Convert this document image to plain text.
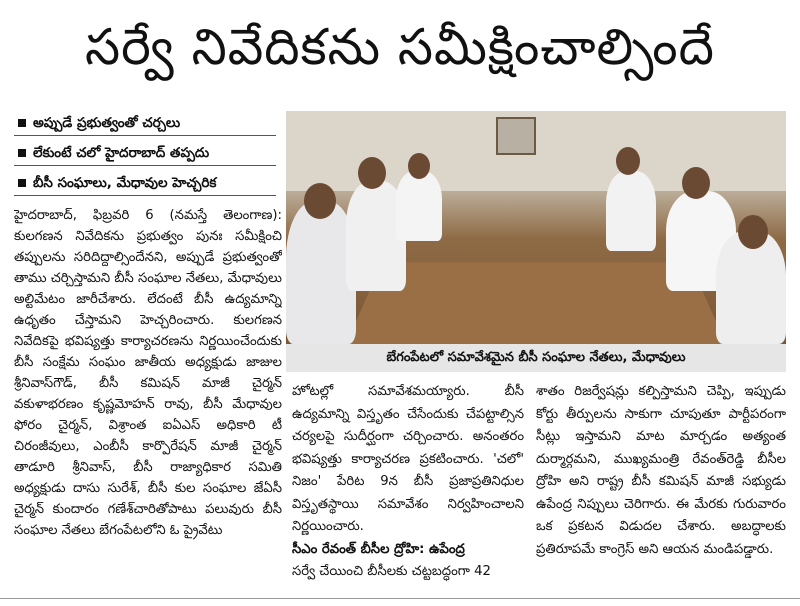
సర్వే నివేదికను సమీక్షించాల్సిందే
అప్పుడే ప్రభుత్వంతో చర్చలు
లేకుంటే చలో హైదరాబాద్ తప్పదు
బీసీ సంఘాలు, మేధావుల హెచ్చరిక
హైదరాబాద్, ఫిబ్రవరి 6 (నమస్తే తెలంగాణ): కులగణన నివేదికను ప్రభుత్వం పునః సమీక్షించి తప్పులను సరిదిద్దాల్సిందేనని, అప్పుడే ప్రభుత్వంతో తాము చర్చిస్తామని బీసీ సంఘాల నేతలు, మేధావులు అల్టిమేటం జారీచేశారు. లేదంటే బీసీ ఉద్యమాన్ని ఉధృతం చేస్తామని హెచ్చరించారు. కులగణన నివేదికపై భవిష్యత్తు కార్యాచరణను నిర్ణయించేందుకు బీసీ సంక్షేమ సంఘం జాతీయ అధ్యక్షుడు జాజుల శ్రీనివాస్‌గౌడ్, బీసీ కమిషన్ మాజీ చైర్మన్ వకుళాభరణం కృష్ణమోహన్ రావు, బీసీ మేధావుల ఫోరం చైర్మన్, విశ్రాంత ఐఏఎస్ అధికారి టీ చిరంజీవులు, ఎంబీసీ కార్పొరేషన్ మాజీ చైర్మన్ తాడూరి శ్రీనివాస్, బీసీ రాజ్యాధికార సమితి అధ్యక్షుడు దాసు సురేశ్, బీసీ కుల సంఘాల జేఏసీ చైర్మన్ కుందారం గణేశ్‌చారితోపాటు పలువురు బీసీ సంఘాల నేతలు బేగంపేటలోని ఓ ప్రైవేటు
బేగంపేటలో సమావేశమైన బీసీ సంఘాల నేతలు, మేధావులు
హోటల్లో సమావేశమయ్యారు. బీసీ ఉద్యమాన్ని విస్తృతం చేసేందుకు చేపట్టాల్సిన చర్యలపై సుదీర్ఘంగా చర్చించారు. అనంతరం భవిష్యత్తు కార్యాచరణ ప్రకటించారు. 'చలో' నిజం' పేరిట 9న బీసీ ప్రజాప్రతినిధుల విస్తృతస్థాయి సమావేశం నిర్వహించాలని నిర్ణయించారు.
సీఎం రేవంత్ బీసీల ద్రోహి: ఉపేంద్ర
సర్వే చేయించి బీసీలకు చట్టబద్ధంగా 42
శాతం రిజర్వేషన్లు కల్పిస్తామని చెప్పి, ఇప్పుడు కోర్టు తీర్పులను సాకుగా చూపుతూ పార్టీపరంగా సీట్లు ఇస్తామని మాట మార్చడం అత్యంత దుర్మార్గమని, ముఖ్యమంత్రి రేవంత్‌రెడ్డి బీసీల ద్రోహి అని రాష్ట్ర బీసీ కమిషన్ మాజీ సభ్యుడు ఉపేంద్ర నిప్పులు చెరిగారు. ఈ మేరకు గురువారం ఒక ప్రకటన విడుదల చేశారు. అబద్ధాలకు ప్రతిరూపమే కాంగ్రెస్ అని ఆయన మండిపడ్డారు.
